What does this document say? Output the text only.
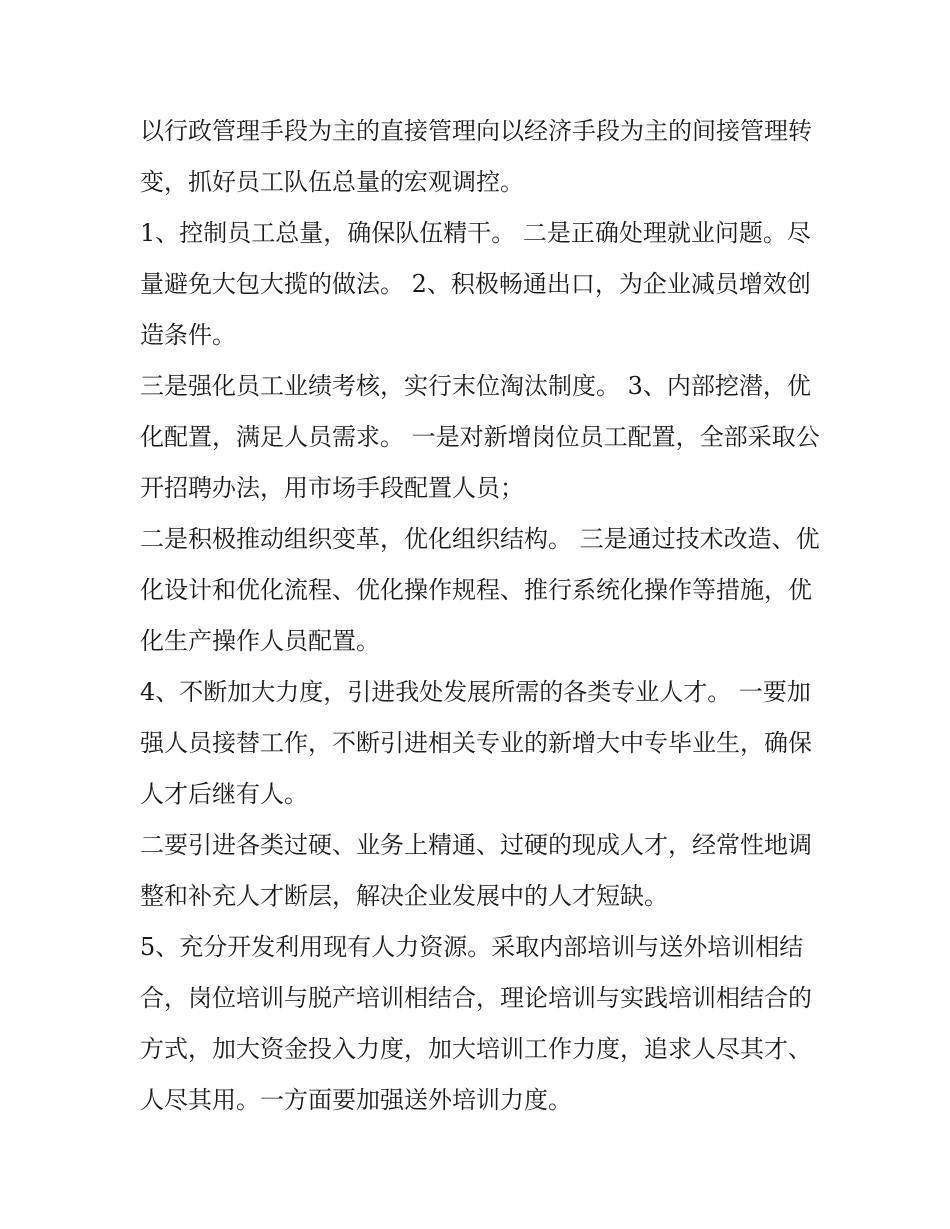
以行政管理手段为主的直接管理向以经济手段为主的间接管理转变，抓好员工队伍总量的宏观调控。

1、控制员工总量，确保队伍精干。 二是正确处理就业问题。尽量避免大包大揽的做法。 2、积极畅通出口，为企业减员增效创造条件。

三是强化员工业绩考核，实行末位淘汰制度。 3、内部挖潜，优化配置，满足人员需求。 一是对新增岗位员工配置，全部采取公开招聘办法，用市场手段配置人员；

二是积极推动组织变革，优化组织结构。 三是通过技术改造、优化设计和优化流程、优化操作规程、推行系统化操作等措施，优化生产操作人员配置。

4、不断加大力度，引进我处发展所需的各类专业人才。 一要加强人员接替工作，不断引进相关专业的新增大中专毕业生，确保人才后继有人。

二要引进各类过硬、业务上精通、过硬的现成人才，经常性地调整和补充人才断层，解决企业发展中的人才短缺。

5、充分开发利用现有人力资源。采取内部培训与送外培训相结合，岗位培训与脱产培训相结合，理论培训与实践培训相结合的方式，加大资金投入力度，加大培训工作力度，追求人尽其才、人尽其用。一方面要加强送外培训力度。
